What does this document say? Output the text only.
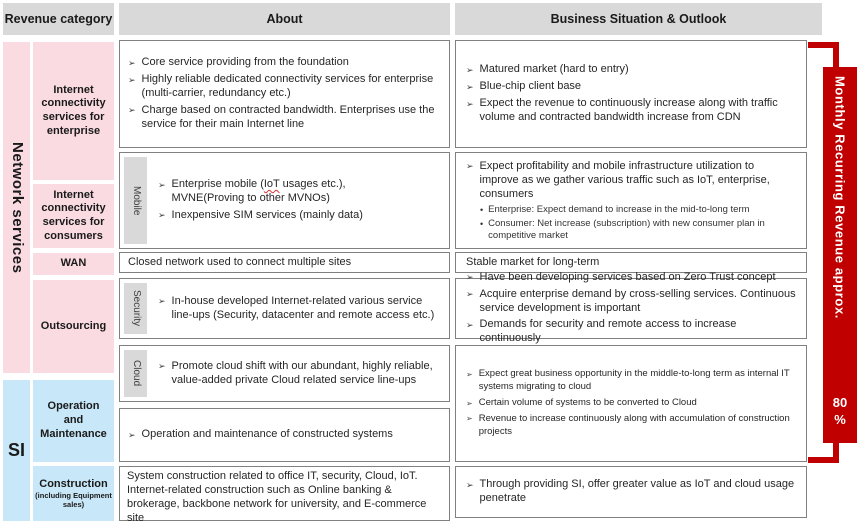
Revenue category	About	Business Situation & Outlook
Network services
SI
Internet connectivity services for enterprise
Internet connectivity services for consumers
WAN
Outsourcing
Operation and Maintenance
Construction
(including Equipment sales)
➢ Core service providing from the foundation
➢ Highly reliable dedicated connectivity services for enterprise (multi-carrier, redundancy etc.)
➢ Charge based on contracted bandwidth. Enterprises use the service for their main Internet line
Mobile
➢ Enterprise mobile (IoT usages etc.),
MVNE(Proving to other MVNOs)
➢ Inexpensive SIM services (mainly data)
Closed network used to connect multiple sites
Security ➢ In-house developed Internet-related various service line-ups (Security, datacenter and remote access etc.)
Cloud ➢ Promote cloud shift with our abundant, highly reliable, value-added private Cloud related service line-ups
➢ Operation and maintenance of constructed systems
System construction related to office IT, security, Cloud, IoT. Internet-related construction such as Online banking & brokerage, backbone network for university, and E-commerce site
➢ Matured market (hard to entry)
➢ Blue-chip client base
➢ Expect the revenue to continuously increase along with traffic volume and contracted bandwidth increase from CDN
➢ Expect profitability and mobile infrastructure utilization to improve as we gather various traffic such as IoT, enterprise, consumers
• Enterprise: Expect demand to increase in the mid-to-long term
• Consumer: Net increase (subscription) with new consumer plan in competitive market
Stable market for long-term
➢ Have been developing services based on Zero Trust concept
➢ Acquire enterprise demand by cross-selling services. Continuous service development is important
➢ Demands for security and remote access to increase continuously
➢ Expect great business opportunity in the middle-to-long term as internal IT systems migrating to cloud
➢ Certain volume of systems to be converted to Cloud
➢ Revenue to increase continuously along with accumulation of construction projects
➢ Through providing SI, offer greater value as IoT and cloud usage penetrate
Monthly Recurring Revenue approx.
80
%
